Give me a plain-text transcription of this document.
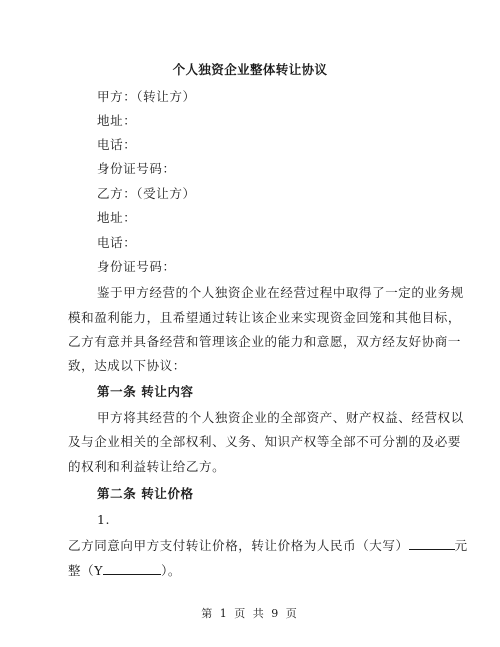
个人独资企业整体转让协议
甲方：（转让方）
地址：
电话：
身份证号码：
乙方：（受让方）
地址：
电话：
身份证号码：
鉴于甲方经营的个人独资企业在经营过程中取得了一定的业务规
模和盈利能力，且希望通过转让该企业来实现资金回笼和其他目标，
乙方有意并具备经营和管理该企业的能力和意愿，双方经友好协商一
致，达成以下协议：
第一条 转让内容
甲方将其经营的个人独资企业的全部资产、财产权益、经营权以
及与企业相关的全部权利、义务、知识产权等全部不可分割的及必要
的权利和利益转让给乙方。
第二条 转让价格
1.
乙方同意向甲方支付转让价格，转让价格为人民币（大写）	元
整（Y	）。
第 1 页 共 9 页
